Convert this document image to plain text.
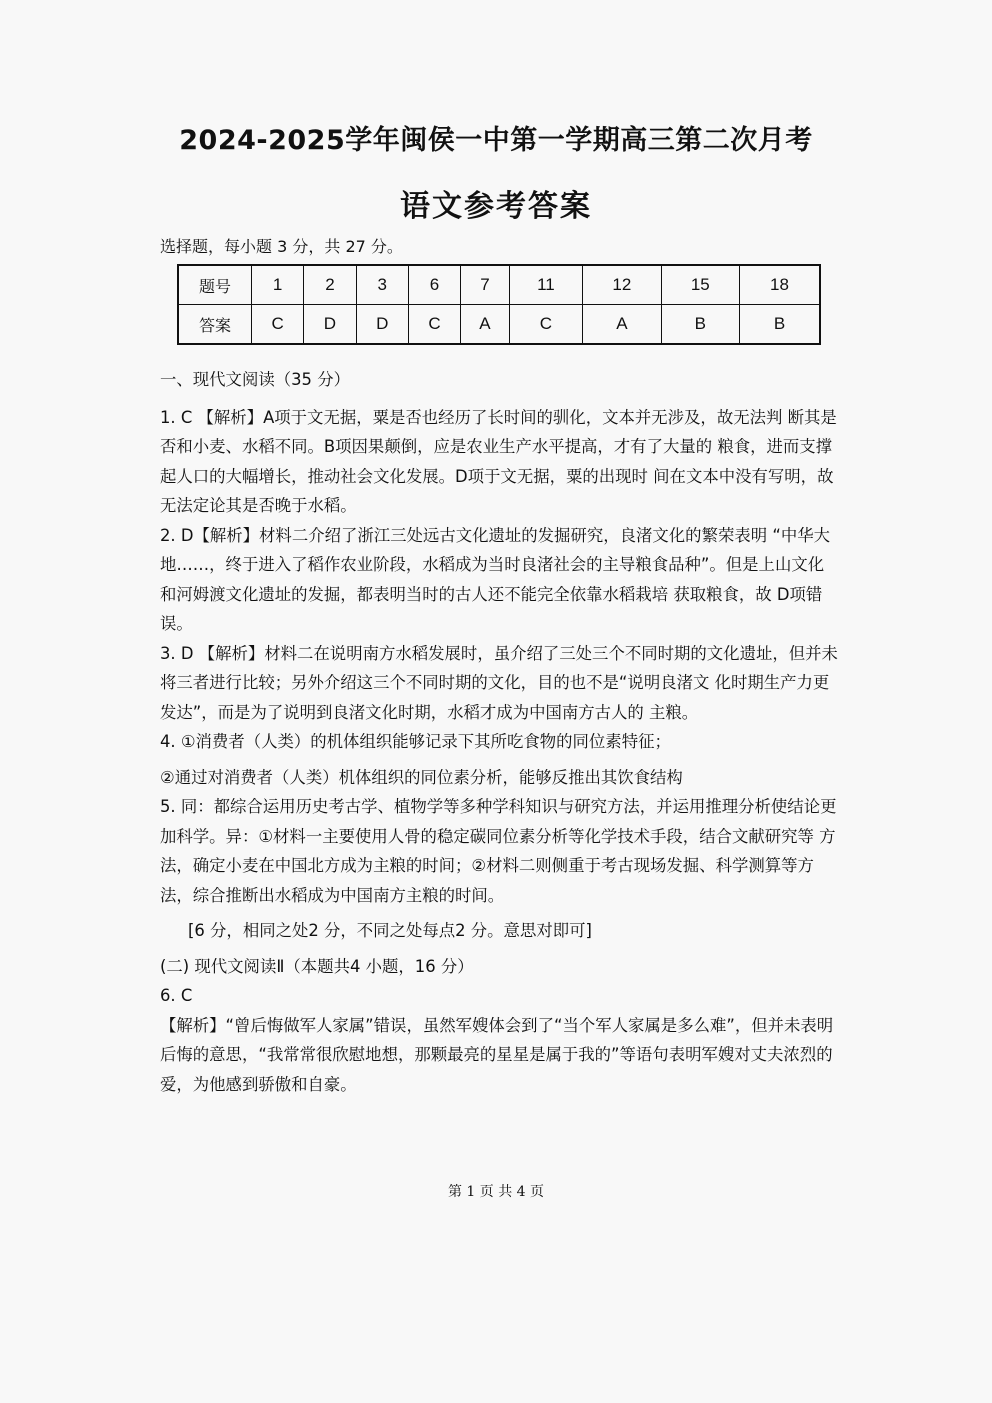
2024-2025学年闽侯一中第一学期高三第二次月考
语文参考答案
选择题，每小题 3 分，共 27 分。
题号	1	2	3	6	7	11	12	15	18
答案	C	D	D	C	A	C	A	B	B

一、现代文阅读（35 分）

1. C 【解析】A项于文无据，粟是否也经历了长时间的驯化，文本并无涉及，故无法判 断其是否和小麦、水稻不同。B项因果颠倒，应是农业生产水平提高，才有了大量的 粮食，进而支撑起人口的大幅增长，推动社会文化发展。D项于文无据，粟的出现时 间在文本中没有写明，故无法定论其是否晚于水稻。

2. D【解析】材料二介绍了浙江三处远古文化遗址的发掘研究，良渚文化的繁荣表明 “中华大地……，终于进入了稻作农业阶段，水稻成为当时良渚社会的主导粮食品种”。但是上山文化和河姆渡文化遗址的发掘，都表明当时的古人还不能完全依靠水稻栽培 获取粮食，故 D项错误。

3. D 【解析】材料二在说明南方水稻发展时，虽介绍了三处三个不同时期的文化遗址，但并未将三者进行比较；另外介绍这三个不同时期的文化，目的也不是“说明良渚文 化时期生产力更发达”，而是为了说明到良渚文化时期，水稻才成为中国南方古人的 主粮。

4. ①消费者（人类）的机体组织能够记录下其所吃食物的同位素特征；

②通过对消费者（人类）机体组织的同位素分析，能够反推出其饮食结构

5. 同：都综合运用历史考古学、植物学等多种学科知识与研究方法，并运用推理分析使结论更加科学。异：①材料一主要使用人骨的稳定碳同位素分析等化学技术手段，结合文献研究等 方法，确定小麦在中国北方成为主粮的时间；②材料二则侧重于考古现场发掘、科学测算等方法，综合推断出水稻成为中国南方主粮的时间。

[6 分，相同之处2 分，不同之处每点2 分。意思对即可]

(二) 现代文阅读Ⅱ（本题共4 小题，16 分）

6. C

【解析】“曾后悔做军人家属”错误，虽然军嫂体会到了“当个军人家属是多么难”，但并未表明后悔的意思，“我常常很欣慰地想，那颗最亮的星星是属于我的”等语句表明军嫂对丈夫浓烈的爱，为他感到骄傲和自豪。

第 1 页 共 4 页
